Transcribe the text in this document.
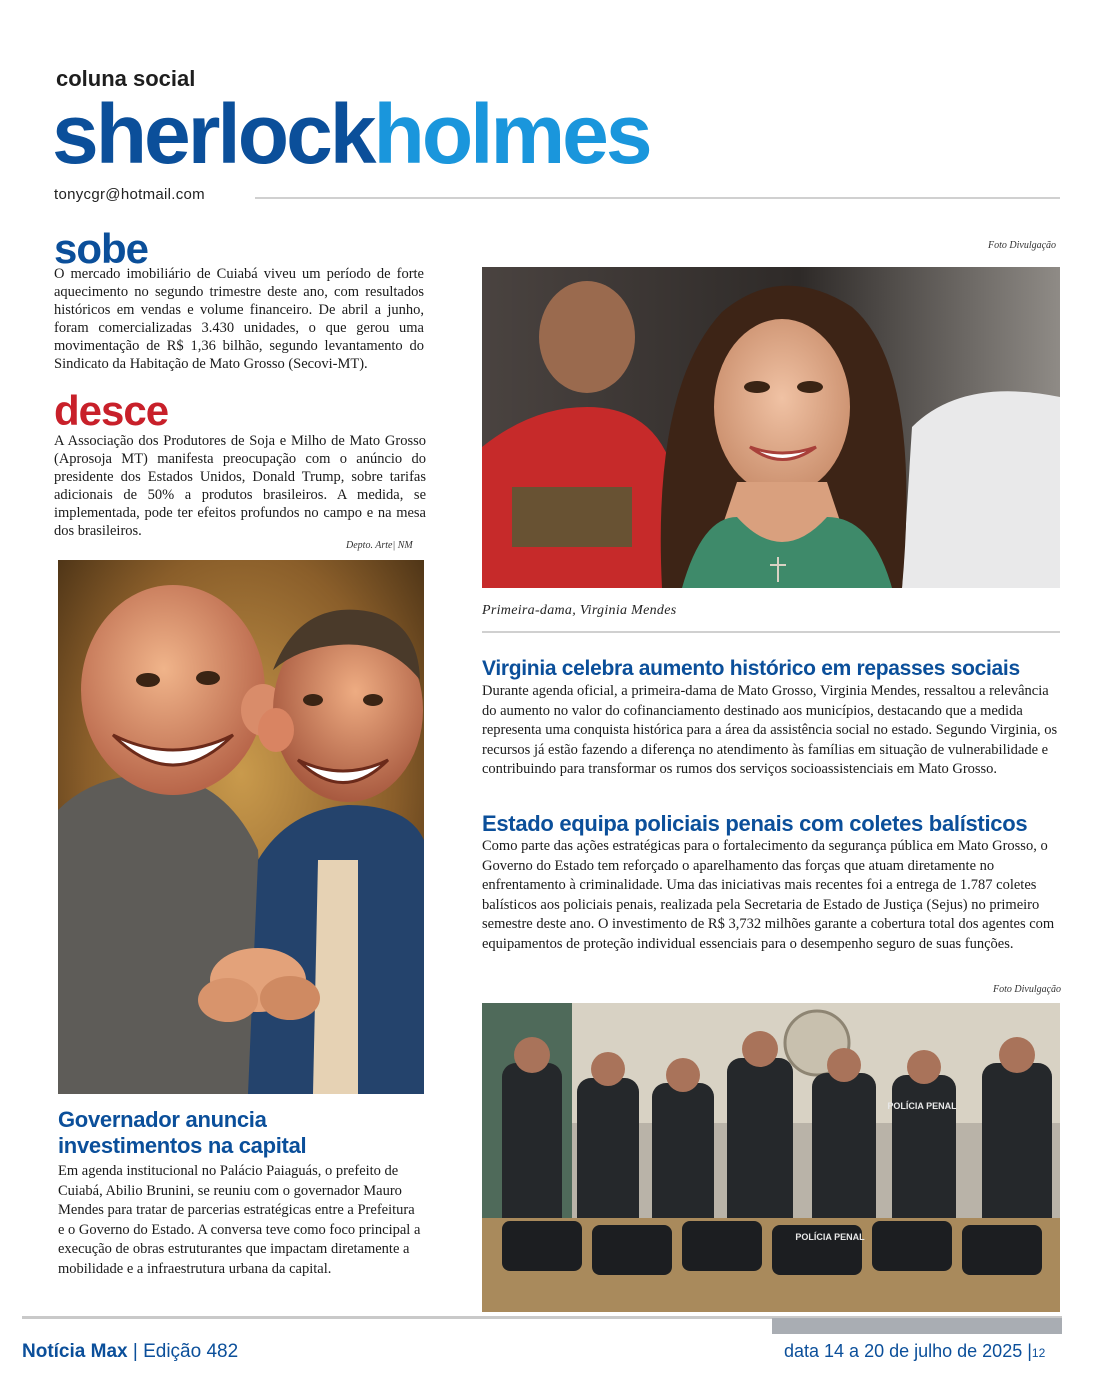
coluna social
sherlockholmes
tonycgr@hotmail.com
sobe
O mercado imobiliário de Cuiabá viveu um período de forte aquecimento no segundo trimestre deste ano, com resultados históricos em vendas e volume financeiro. De abril a junho, foram comercializadas 3.430 unidades, o que gerou uma movimentação de R$ 1,36 bilhão, segundo levantamento do Sindicato da Habitação de Mato Grosso (Secovi-MT).
desce
A Associação dos Produtores de Soja e Milho de Mato Grosso (Aprosoja MT) manifesta preocupação com o anúncio do presidente dos Estados Unidos, Donald Trump, sobre tarifas adicionais de 50% a produtos brasileiros. A medida, se implementada, pode ter efeitos profundos no campo e na mesa dos brasileiros.
Depto. Arte| NM
Foto Divulgação
Primeira-dama, Virginia Mendes
Virginia celebra aumento histórico em repasses sociais
Durante agenda oficial, a primeira-dama de Mato Grosso, Virginia Mendes, ressaltou a relevância do aumento no valor do cofinanciamento destinado aos municípios, destacando que a medida representa uma conquista histórica para a área da assistência social no estado. Segundo Virginia, os recursos já estão fazendo a diferença no atendimento às famílias em situação de vulnerabilidade e contribuindo para transformar os rumos dos serviços socioassistenciais em Mato Grosso.
Estado equipa policiais penais com coletes balísticos
Como parte das ações estratégicas para o fortalecimento da segurança pública em Mato Grosso, o Governo do Estado tem reforçado o aparelhamento das forças que atuam diretamente no enfrentamento à criminalidade. Uma das iniciativas mais recentes foi a entrega de 1.787 coletes balísticos aos policiais penais, realizada pela Secretaria de Estado de Justiça (Sejus) no primeiro semestre deste ano. O investimento de R$ 3,732 milhões garante a cobertura total dos agentes com equipamentos de proteção individual essenciais para o desempenho seguro de suas funções.
Foto Divulgação
POLÍCIA PENAL
POLÍCIA PENAL
Governador anuncia
investimentos na capital
Em agenda institucional no Palácio Paiaguás, o prefeito de Cuiabá, Abilio Brunini, se reuniu com o governador Mauro Mendes para tratar de parcerias estratégicas entre a Prefeitura e o Governo do Estado. A conversa teve como foco principal a execução de obras estruturantes que impactam diretamente a mobilidade e a infraestrutura urbana da capital.
Notícia Max | Edição 482	data 14 a 20 de julho de 2025 |12
